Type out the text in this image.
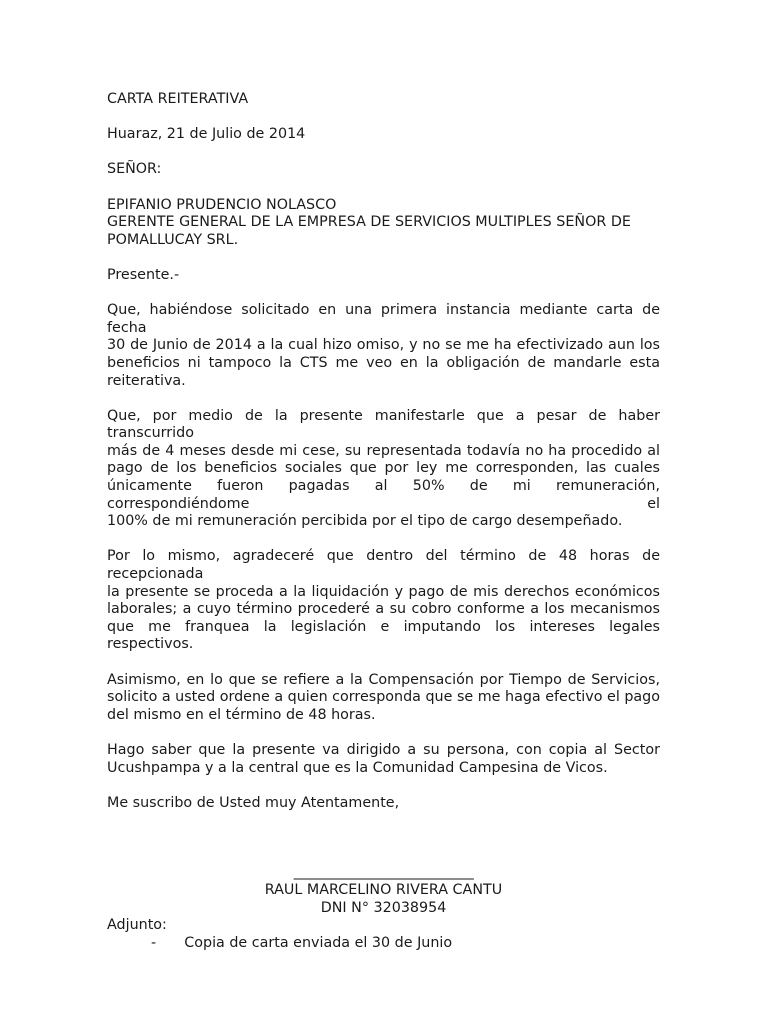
CARTA REITERATIVA
Huaraz, 21 de Julio de 2014
SEÑOR:
EPIFANIO PRUDENCIO NOLASCO
GERENTE GENERAL DE LA EMPRESA DE SERVICIOS MULTIPLES SEÑOR DE
POMALLUCAY SRL.
Presente.-
Que, habiéndose solicitado en una primera instancia mediante carta de fecha
30 de Junio de 2014 a la cual hizo omiso, y no se me ha efectivizado aun los
beneficios ni tampoco la CTS me veo en la obligación de mandarle esta
reiterativa.
Que, por medio de la presente manifestarle que a pesar de haber transcurrido
más de 4 meses desde mi cese, su representada todavía no ha procedido al
pago de los beneficios sociales que por ley me corresponden, las cuales
únicamente fueron pagadas al 50% de mi remuneración, correspondiéndome el
100% de mi remuneración percibida por el tipo de cargo desempeñado.
Por lo mismo, agradeceré que dentro del término de 48 horas de recepcionada
la presente se proceda a la liquidación y pago de mis derechos económicos
laborales; a cuyo término procederé a su cobro conforme a los mecanismos
que me franquea la legislación e imputando los intereses legales respectivos.
Asimismo, en lo que se refiere a la Compensación por Tiempo de Servicios,
solicito a usted ordene a quien corresponda que se me haga efectivo el pago
del mismo en el término de 48 horas.
Hago saber que la presente va dirigido a su persona, con copia al Sector
Ucushpampa y a la central que es la Comunidad Campesina de Vicos.
Me suscribo de Usted muy Atentamente,
___________________________
RAUL MARCELINO RIVERA CANTU
DNI N° 32038954
Adjunto:
- Copia de carta enviada el 30 de Junio
